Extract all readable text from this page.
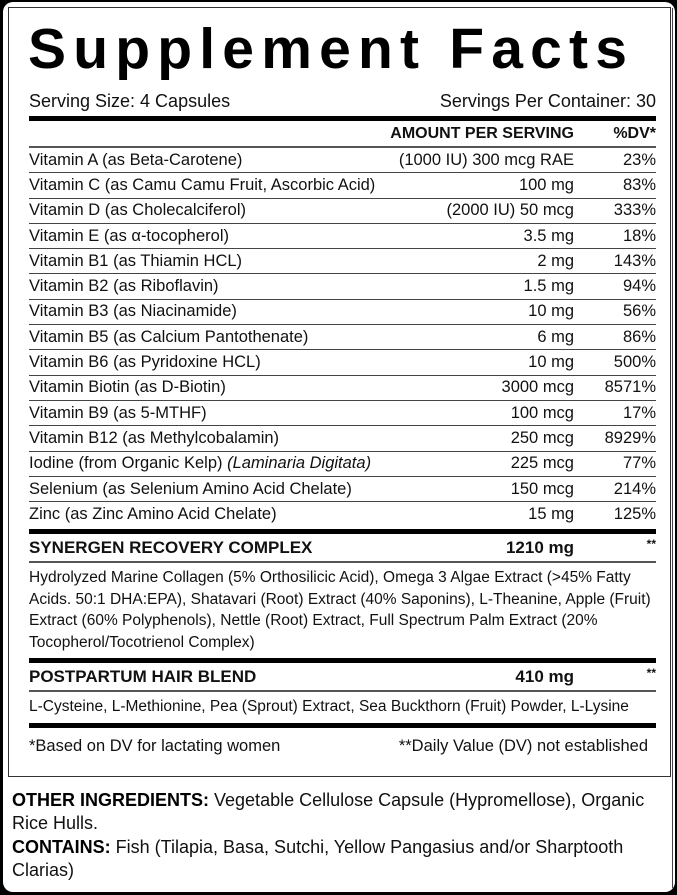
Supplement Facts
Serving Size: 4 Capsules	Servings Per Container: 30
AMOUNT PER SERVING	%DV*
Vitamin A (as Beta-Carotene)	(1000 IU) 300 mcg RAE	23%
Vitamin C (as Camu Camu Fruit, Ascorbic Acid)	100 mg	83%
Vitamin D (as Cholecalciferol)	(2000 IU) 50 mcg	333%
Vitamin E (as α-tocopherol)	3.5 mg	18%
Vitamin B1 (as Thiamin HCL)	2 mg	143%
Vitamin B2 (as Riboflavin)	1.5 mg	94%
Vitamin B3 (as Niacinamide)	10 mg	56%
Vitamin B5 (as Calcium Pantothenate)	6 mg	86%
Vitamin B6 (as Pyridoxine HCL)	10 mg	500%
Vitamin Biotin (as D-Biotin)	3000 mcg	8571%
Vitamin B9 (as 5-MTHF)	100 mcg	17%
Vitamin B12 (as Methylcobalamin)	250 mcg	8929%
Iodine (from Organic Kelp) (Laminaria Digitata)	225 mcg	77%
Selenium (as Selenium Amino Acid Chelate)	150 mcg	214%
Zinc (as Zinc Amino Acid Chelate)	15 mg	125%
SYNERGEN RECOVERY COMPLEX	1210 mg	**
Hydrolyzed Marine Collagen (5% Orthosilicic Acid), Omega 3 Algae Extract (>45% Fatty Acids. 50:1 DHA:EPA), Shatavari (Root) Extract (40% Saponins), L-Theanine, Apple (Fruit) Extract (60% Polyphenols), Nettle (Root) Extract, Full Spectrum Palm Extract (20% Tocopherol/Tocotrienol Complex)
POSTPARTUM HAIR BLEND	410 mg	**
L-Cysteine, L-Methionine, Pea (Sprout) Extract, Sea Buckthorn (Fruit) Powder, L-Lysine
*Based on DV for lactating women	**Daily Value (DV) not established

OTHER INGREDIENTS: Vegetable Cellulose Capsule (Hypromellose), Organic Rice Hulls.

CONTAINS: Fish (Tilapia, Basa, Sutchi, Yellow Pangasius and/or Sharptooth Clarias)
